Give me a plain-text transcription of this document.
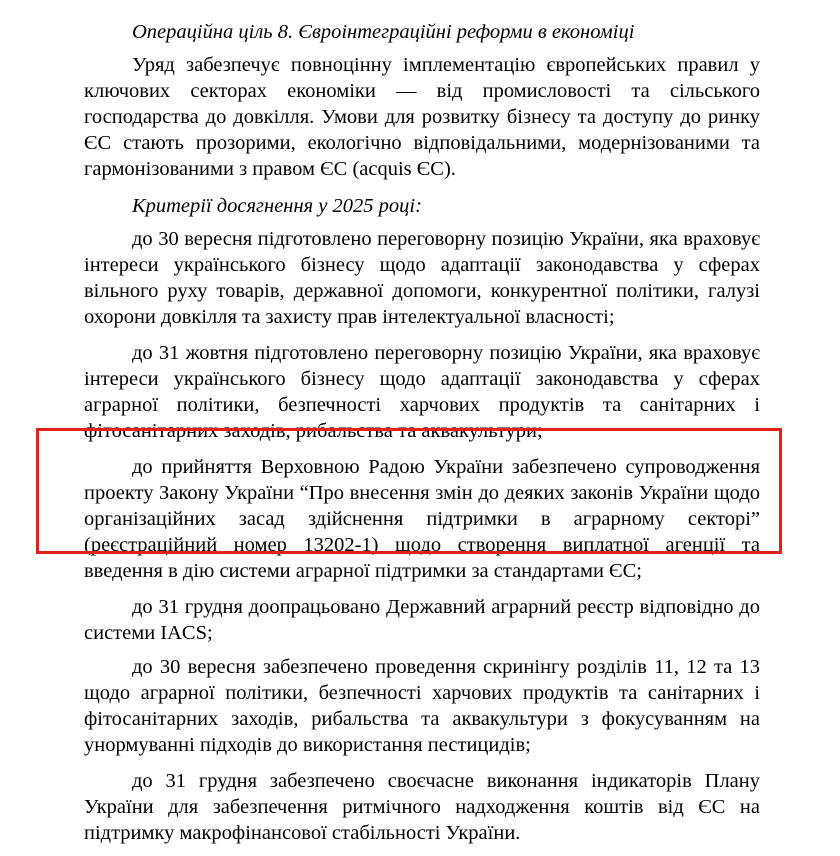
Операційна ціль 8. Євроінтеграційні реформи в економіці

Уряд забезпечує повноцінну імплементацію європейських правил у ключових секторах економіки — від промисловості та сільського господарства до довкілля. Умови для розвитку бізнесу та доступу до ринку ЄС стають прозорими, екологічно відповідальними, модернізованими та гармонізованими з правом ЄС (acquis ЄС).

Критерії досягнення у 2025 році:

до 30 вересня підготовлено переговорну позицію України, яка враховує інтереси українського бізнесу щодо адаптації законодавства у сферах вільного руху товарів, державної допомоги, конкурентної політики, галузі охорони довкілля та захисту прав інтелектуальної власності;

до 31 жовтня підготовлено переговорну позицію України, яка враховує інтереси українського бізнесу щодо адаптації законодавства у сферах аграрної політики, безпечності харчових продуктів та санітарних і фітосанітарних заходів, рибальства та аквакультури;

до прийняття Верховною Радою України забезпечено супроводження проекту Закону України “Про внесення змін до деяких законів України щодо організаційних засад здійснення підтримки в аграрному секторі” (реєстраційний номер 13202-1) щодо створення виплатної агенції та введення в дію системи аграрної підтримки за стандартами ЄС;

до 31 грудня доопрацьовано Державний аграрний реєстр відповідно до системи IACS;

до 30 вересня забезпечено проведення скринінгу розділів 11, 12 та 13 щодо аграрної політики, безпечності харчових продуктів та санітарних і фітосанітарних заходів, рибальства та аквакультури з фокусуванням на унормуванні підходів до використання пестицидів;

до 31 грудня забезпечено своєчасне виконання індикаторів Плану України для забезпечення ритмічного надходження коштів від ЄС на підтримку макрофінансової стабільності України.
